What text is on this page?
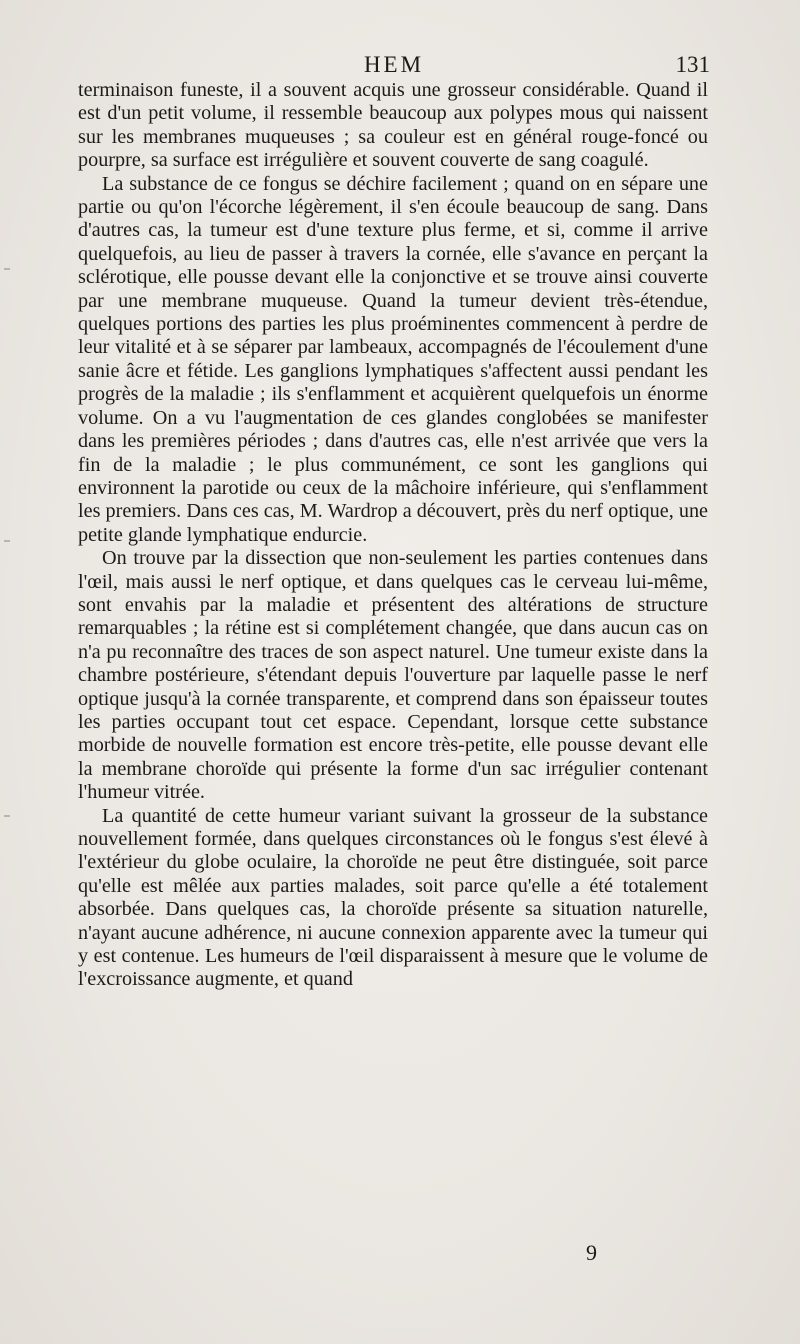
HEM	131

terminaison funeste, il a souvent acquis une grosseur considérable. Quand il est d'un petit volume, il ressemble beaucoup aux polypes mous qui naissent sur les membranes muqueuses ; sa couleur est en général rouge-foncé ou pourpre, sa surface est irrégulière et souvent couverte de sang coagulé.

La substance de ce fongus se déchire facilement ; quand on en sépare une partie ou qu'on l'écorche légèrement, il s'en écoule beaucoup de sang. Dans d'autres cas, la tumeur est d'une texture plus ferme, et si, comme il arrive quelquefois, au lieu de passer à travers la cornée, elle s'avance en perçant la sclérotique, elle pousse devant elle la conjonctive et se trouve ainsi couverte par une membrane muqueuse. Quand la tumeur devient très-étendue, quelques portions des parties les plus proéminentes commencent à perdre de leur vitalité et à se séparer par lambeaux, accompagnés de l'écoulement d'une sanie âcre et fétide. Les ganglions lymphatiques s'affectent aussi pendant les progrès de la maladie ; ils s'enflamment et acquièrent quelquefois un énorme volume. On a vu l'augmentation de ces glandes conglobées se manifester dans les premières périodes ; dans d'autres cas, elle n'est arrivée que vers la fin de la maladie ; le plus communément, ce sont les ganglions qui environnent la parotide ou ceux de la mâchoire inférieure, qui s'enflamment les premiers. Dans ces cas, M. Wardrop a découvert, près du nerf optique, une petite glande lymphatique endurcie.

On trouve par la dissection que non-seulement les parties contenues dans l'œil, mais aussi le nerf optique, et dans quelques cas le cerveau lui-même, sont envahis par la maladie et présentent des altérations de structure remarquables ; la rétine est si complétement changée, que dans aucun cas on n'a pu reconnaître des traces de son aspect naturel. Une tumeur existe dans la chambre postérieure, s'étendant depuis l'ouverture par laquelle passe le nerf optique jusqu'à la cornée transparente, et comprend dans son épaisseur toutes les parties occupant tout cet espace. Cependant, lorsque cette substance morbide de nouvelle formation est encore très-petite, elle pousse devant elle la membrane choroïde qui présente la forme d'un sac irrégulier contenant l'humeur vitrée.

La quantité de cette humeur variant suivant la grosseur de la substance nouvellement formée, dans quelques circonstances où le fongus s'est élevé à l'extérieur du globe oculaire, la choroïde ne peut être distinguée, soit parce qu'elle est mêlée aux parties malades, soit parce qu'elle a été totalement absorbée. Dans quelques cas, la choroïde présente sa situation naturelle, n'ayant aucune adhérence, ni aucune connexion apparente avec la tumeur qui y est contenue. Les humeurs de l'œil disparaissent à mesure que le volume de l'excroissance augmente, et quand

9
